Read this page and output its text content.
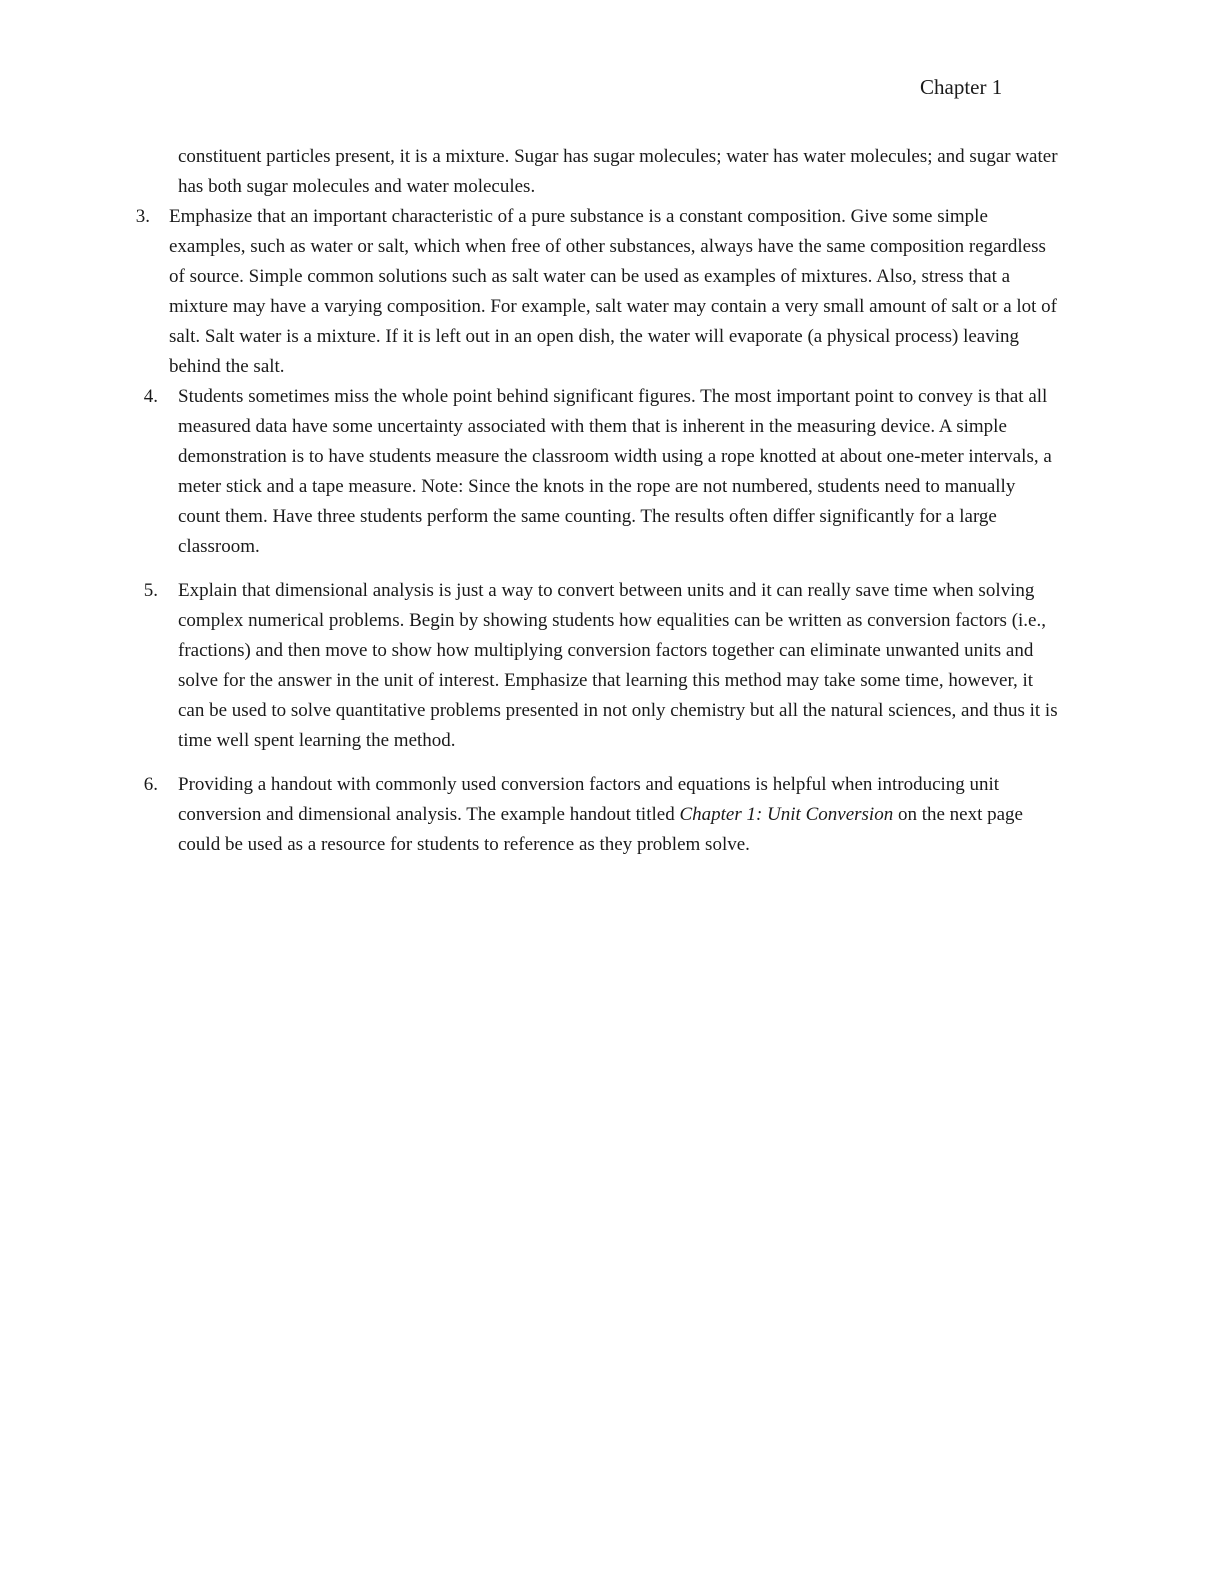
Chapter 1
constituent particles present, it is a mixture. Sugar has sugar molecules; water has water molecules; and sugar water has both sugar molecules and water molecules.
3. Emphasize that an important characteristic of a pure substance is a constant composition. Give some simple examples, such as water or salt, which when free of other substances, always have the same composition regardless of source. Simple common solutions such as salt water can be used as examples of mixtures. Also, stress that a mixture may have a varying composition. For example, salt water may contain a very small amount of salt or a lot of salt. Salt water is a mixture. If it is left out in an open dish, the water will evaporate (a physical process) leaving behind the salt.
4. Students sometimes miss the whole point behind significant figures. The most important point to convey is that all measured data have some uncertainty associated with them that is inherent in the measuring device. A simple demonstration is to have students measure the classroom width using a rope knotted at about one-meter intervals, a meter stick and a tape measure. Note: Since the knots in the rope are not numbered, students need to manually count them. Have three students perform the same counting. The results often differ significantly for a large classroom.
5. Explain that dimensional analysis is just a way to convert between units and it can really save time when solving complex numerical problems. Begin by showing students how equalities can be written as conversion factors (i.e., fractions) and then move to show how multiplying conversion factors together can eliminate unwanted units and solve for the answer in the unit of interest. Emphasize that learning this method may take some time, however, it can be used to solve quantitative problems presented in not only chemistry but all the natural sciences, and thus it is time well spent learning the method.
6. Providing a handout with commonly used conversion factors and equations is helpful when introducing unit conversion and dimensional analysis. The example handout titled Chapter 1: Unit Conversion on the next page could be used as a resource for students to reference as they problem solve.
